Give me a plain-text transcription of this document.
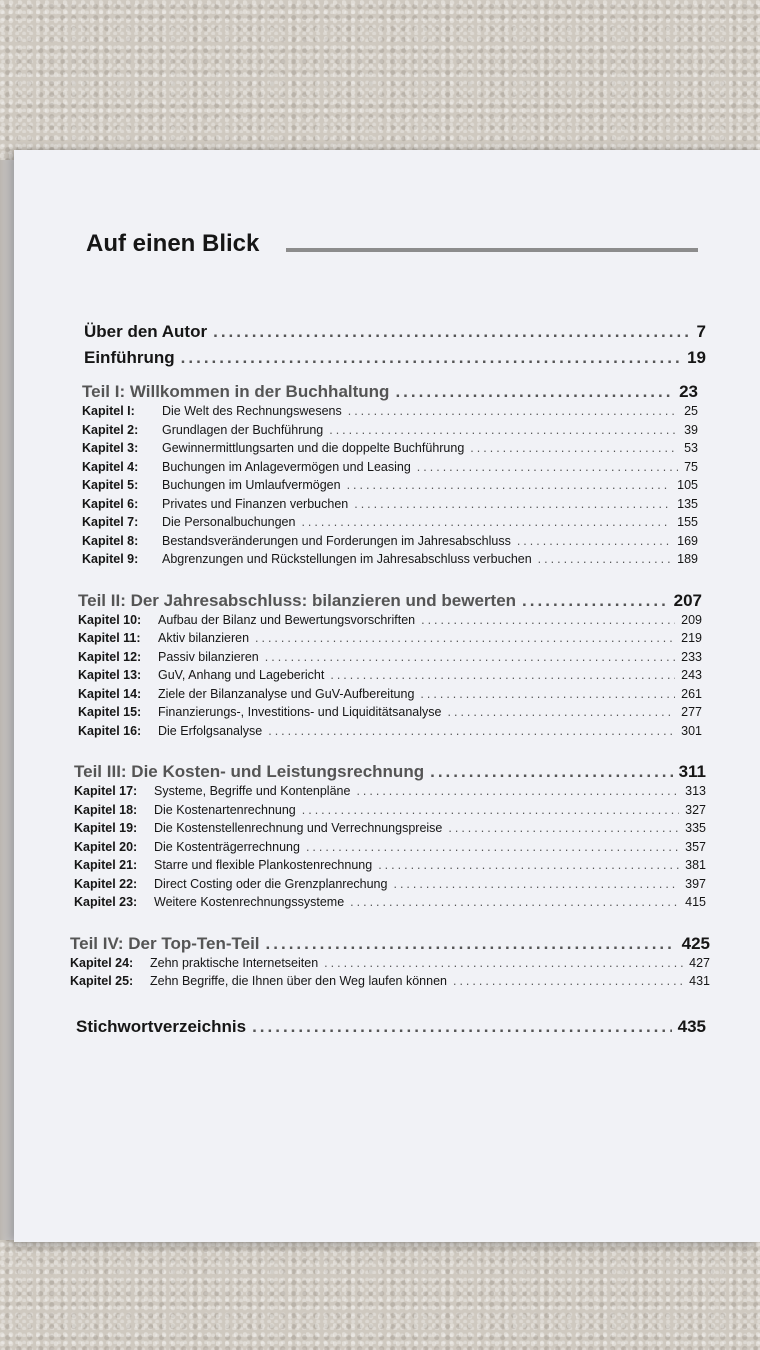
Auf einen Blick
Über den Autor .....	7
Einführung .....	19
Teil I: Willkommen in der Buchhaltung .....	23
Kapitel I:	Die Welt des Rechnungswesens .....	25
Kapitel 2:	Grundlagen der Buchführung .....	39
Kapitel 3:	Gewinnermittlungsarten und die doppelte Buchführung .....	53
Kapitel 4:	Buchungen im Anlagevermögen und Leasing .....	75
Kapitel 5:	Buchungen im Umlaufvermögen .....	105
Kapitel 6:	Privates und Finanzen verbuchen .....	135
Kapitel 7:	Die Personalbuchungen .....	155
Kapitel 8:	Bestandsveränderungen und Forderungen im Jahresabschluss .....	169
Kapitel 9:	Abgrenzungen und Rückstellungen im Jahresabschluss verbuchen .....	189
Teil II: Der Jahresabschluss: bilanzieren und bewerten .....	207
Kapitel 10:	Aufbau der Bilanz und Bewertungsvorschriften .....	209
Kapitel 11:	Aktiv bilanzieren .....	219
Kapitel 12:	Passiv bilanzieren .....	233
Kapitel 13:	GuV, Anhang und Lagebericht .....	243
Kapitel 14:	Ziele der Bilanzanalyse und GuV-Aufbereitung .....	261
Kapitel 15:	Finanzierungs-, Investitions- und Liquiditätsanalyse .....	277
Kapitel 16:	Die Erfolgsanalyse .....	301
Teil III: Die Kosten- und Leistungsrechnung .....	311
Kapitel 17:	Systeme, Begriffe und Kontenpläne .....	313
Kapitel 18:	Die Kostenartenrechnung .....	327
Kapitel 19:	Die Kostenstellenrechnung und Verrechnungspreise .....	335
Kapitel 20:	Die Kostenträgerrechnung .....	357
Kapitel 21:	Starre und flexible Plankostenrechnung .....	381
Kapitel 22:	Direct Costing oder die Grenzplanrechung .....	397
Kapitel 23:	Weitere Kostenrechnungssysteme .....	415
Teil IV: Der Top-Ten-Teil .....	425
Kapitel 24:	Zehn praktische Internetseiten .....	427
Kapitel 25:	Zehn Begriffe, die Ihnen über den Weg laufen können .....	431
Stichwortverzeichnis .....	435
